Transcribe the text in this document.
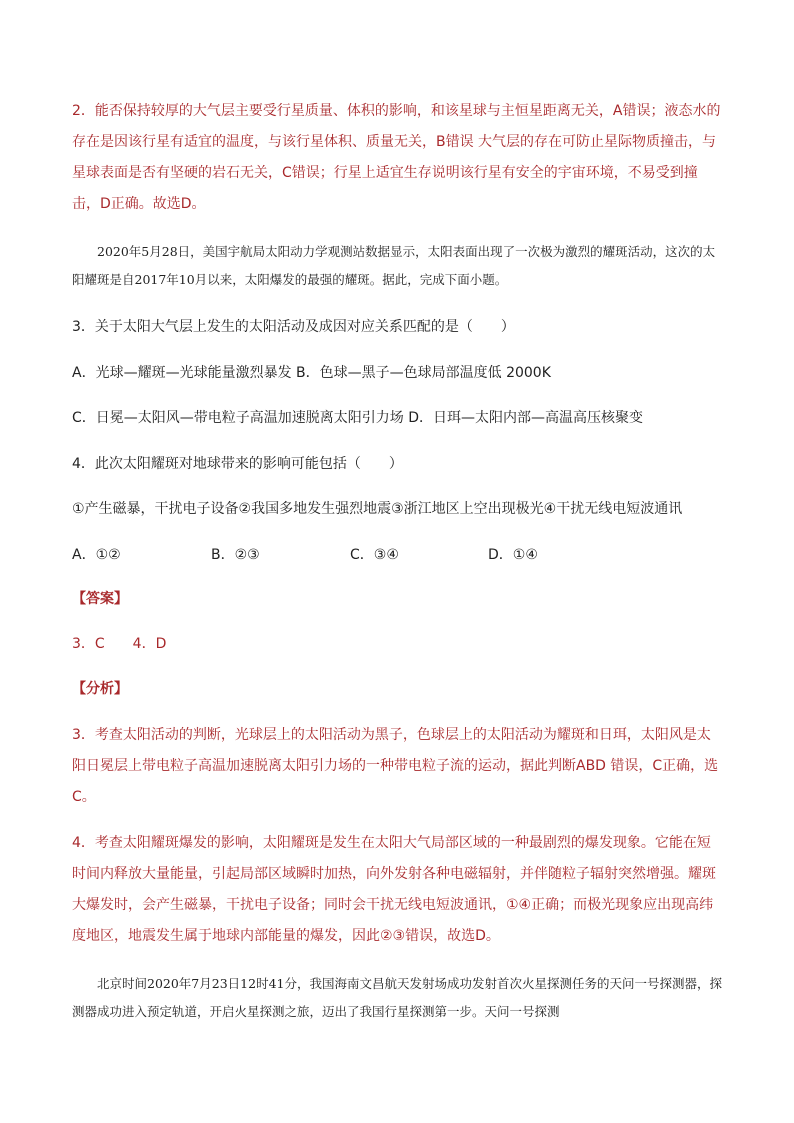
2．能否保持较厚的大气层主要受行星质量、体积的影响，和该星球与主恒星距离无关，A错误；液态水的存在是因该行星有适宜的温度，与该行星体积、质量无关，B错误 大气层的存在可防止星际物质撞击，与星球表面是否有坚硬的岩石无关，C错误；行星上适宜生存说明该行星有安全的宇宙环境，不易受到撞击，D正确。故选D。

2020年5月28日，美国宇航局太阳动力学观测站数据显示，太阳表面出现了一次极为激烈的耀斑活动，这次的太阳耀斑是自2017年10月以来，太阳爆发的最强的耀斑。据此，完成下面小题。

3．关于太阳大气层上发生的太阳活动及成因对应关系匹配的是（　　）

A．光球—耀斑—光球能量激烈暴发 B．色球—黑子—色球局部温度低 2000K

C．日冕—太阳风—带电粒子高温加速脱离太阳引力场 D．日珥—太阳内部—高温高压核聚变

4．此次太阳耀斑对地球带来的影响可能包括（　　）

①产生磁暴，干扰电子设备②我国多地发生强烈地震③浙江地区上空出现极光④干扰无线电短波通讯

A．①②	B．②③	C．③④	D．①④

【答案】

3．C　　4．D

【分析】

3．考查太阳活动的判断，光球层上的太阳活动为黑子，色球层上的太阳活动为耀斑和日珥，太阳风是太阳日冕层上带电粒子高温加速脱离太阳引力场的一种带电粒子流的运动，据此判断ABD 错误，C正确，选C。

4．考查太阳耀斑爆发的影响，太阳耀斑是发生在太阳大气局部区域的一种最剧烈的爆发现象。它能在短时间内释放大量能量，引起局部区域瞬时加热，向外发射各种电磁辐射，并伴随粒子辐射突然增强。耀斑大爆发时，会产生磁暴，干扰电子设备；同时会干扰无线电短波通讯，①④正确；而极光现象应出现高纬度地区，地震发生属于地球内部能量的爆发，因此②③错误，故选D。

北京时间2020年7月23日12时41分，我国海南文昌航天发射场成功发射首次火星探测任务的天问一号探测器，探测器成功进入预定轨道，开启火星探测之旅，迈出了我国行星探测第一步。天问一号探测
